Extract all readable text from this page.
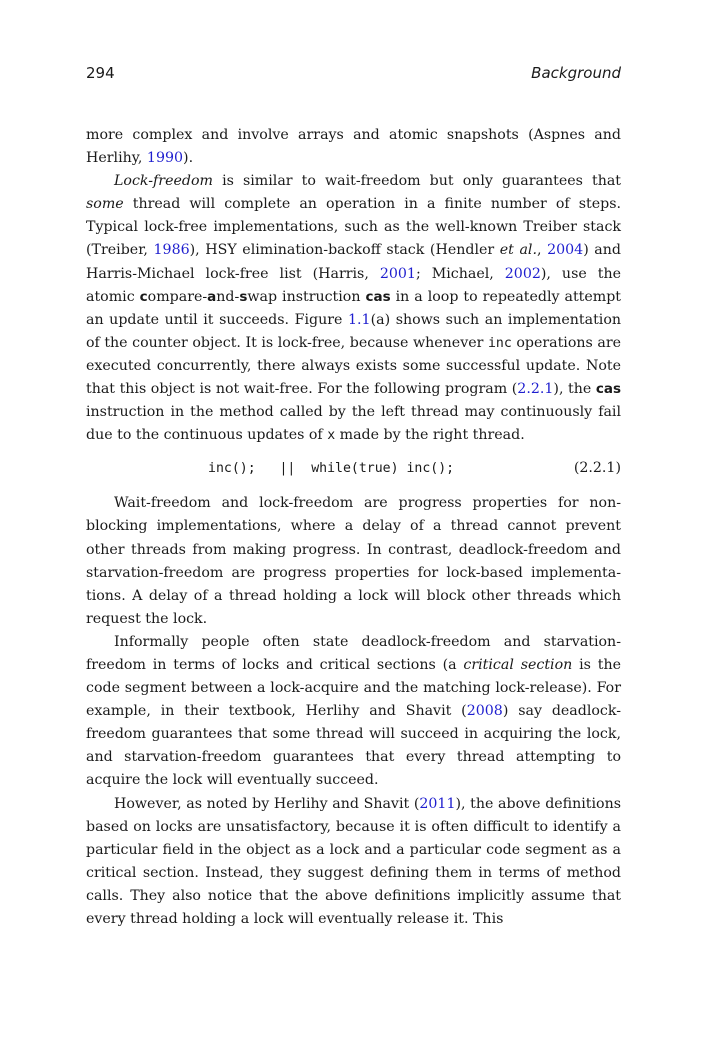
294	Background

more complex and involve arrays and atomic snapshots (Aspnes and Herlihy, 1990).

Lock-freedom is similar to wait-freedom but only guarantees that some thread will complete an operation in a finite number of steps. Typical lock-free implementations, such as the well-known Treiber stack (Treiber, 1986), HSY elimination-backoff stack (Hendler et al., 2004) and Harris-Michael lock-free list (Harris, 2001; Michael, 2002), use the atomic compare-and-swap instruction cas in a loop to repeatedly attempt an update until it succeeds. Figure 1.1(a) shows such an implementation of the counter object. It is lock-free, because whenever inc operations are executed concurrently, there always exists some successful update. Note that this object is not wait-free. For the following program (2.2.1), the cas instruction in the method called by the left thread may continuously fail due to the continuous updates of x made by the right thread.

inc();   ||  while(true) inc();	(2.2.1)

Wait-freedom and lock-freedom are progress properties for non-blocking implementations, where a delay of a thread cannot prevent other threads from making progress. In contrast, deadlock-freedom and starvation-freedom are progress properties for lock-based implementations. A delay of a thread holding a lock will block other threads which request the lock.

Informally people often state deadlock-freedom and starvation-freedom in terms of locks and critical sections (a critical section is the code segment between a lock-acquire and the matching lock-release). For example, in their textbook, Herlihy and Shavit (2008) say deadlock-freedom guarantees that some thread will succeed in acquiring the lock, and starvation-freedom guarantees that every thread attempting to acquire the lock will eventually succeed.

However, as noted by Herlihy and Shavit (2011), the above definitions based on locks are unsatisfactory, because it is often difficult to identify a particular field in the object as a lock and a particular code segment as a critical section. Instead, they suggest defining them in terms of method calls. They also notice that the above definitions implicitly assume that every thread holding a lock will eventually release it. This
